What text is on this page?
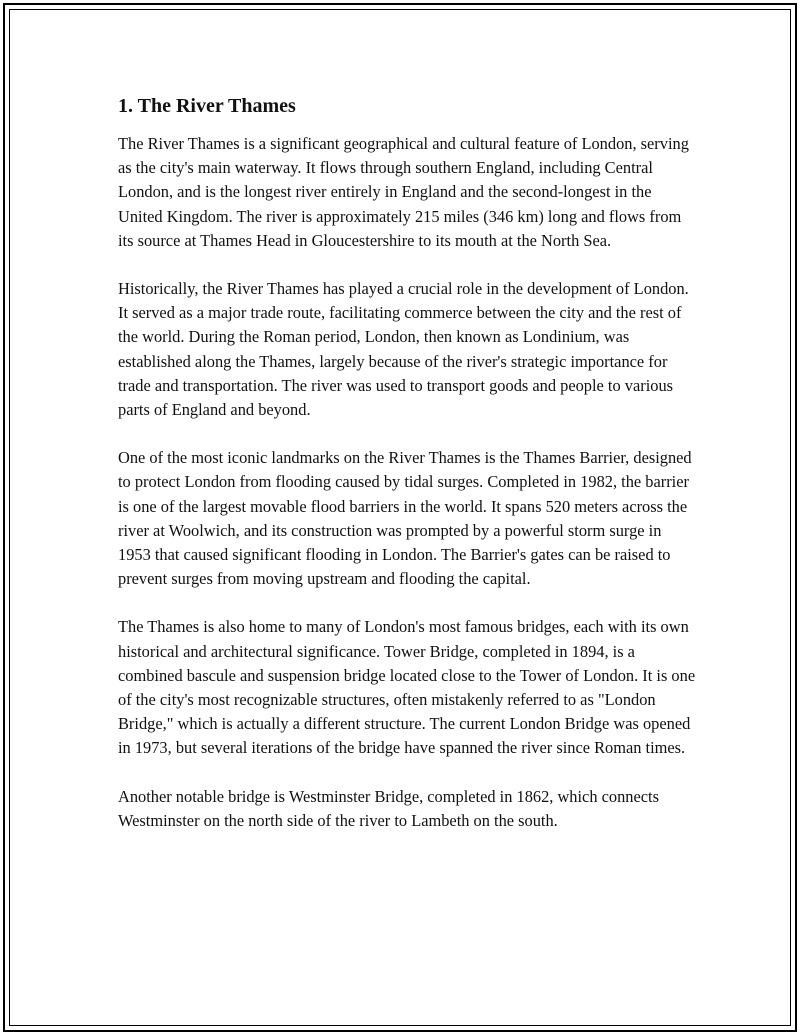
1. The River Thames

The River Thames is a significant geographical and cultural feature of London, serving as the city's main waterway. It flows through southern England, including Central London, and is the longest river entirely in England and the second-longest in the United Kingdom. The river is approximately 215 miles (346 km) long and flows from its source at Thames Head in Gloucestershire to its mouth at the North Sea.

Historically, the River Thames has played a crucial role in the development of London. It served as a major trade route, facilitating commerce between the city and the rest of the world. During the Roman period, London, then known as Londinium, was established along the Thames, largely because of the river's strategic importance for trade and transportation. The river was used to transport goods and people to various parts of England and beyond.

One of the most iconic landmarks on the River Thames is the Thames Barrier, designed to protect London from flooding caused by tidal surges. Completed in 1982, the barrier is one of the largest movable flood barriers in the world. It spans 520 meters across the river at Woolwich, and its construction was prompted by a powerful storm surge in 1953 that caused significant flooding in London. The Barrier's gates can be raised to prevent surges from moving upstream and flooding the capital.

The Thames is also home to many of London's most famous bridges, each with its own historical and architectural significance. Tower Bridge, completed in 1894, is a combined bascule and suspension bridge located close to the Tower of London. It is one of the city's most recognizable structures, often mistakenly referred to as "London Bridge," which is actually a different structure. The current London Bridge was opened in 1973, but several iterations of the bridge have spanned the river since Roman times.

Another notable bridge is Westminster Bridge, completed in 1862, which connects Westminster on the north side of the river to Lambeth on the south.
